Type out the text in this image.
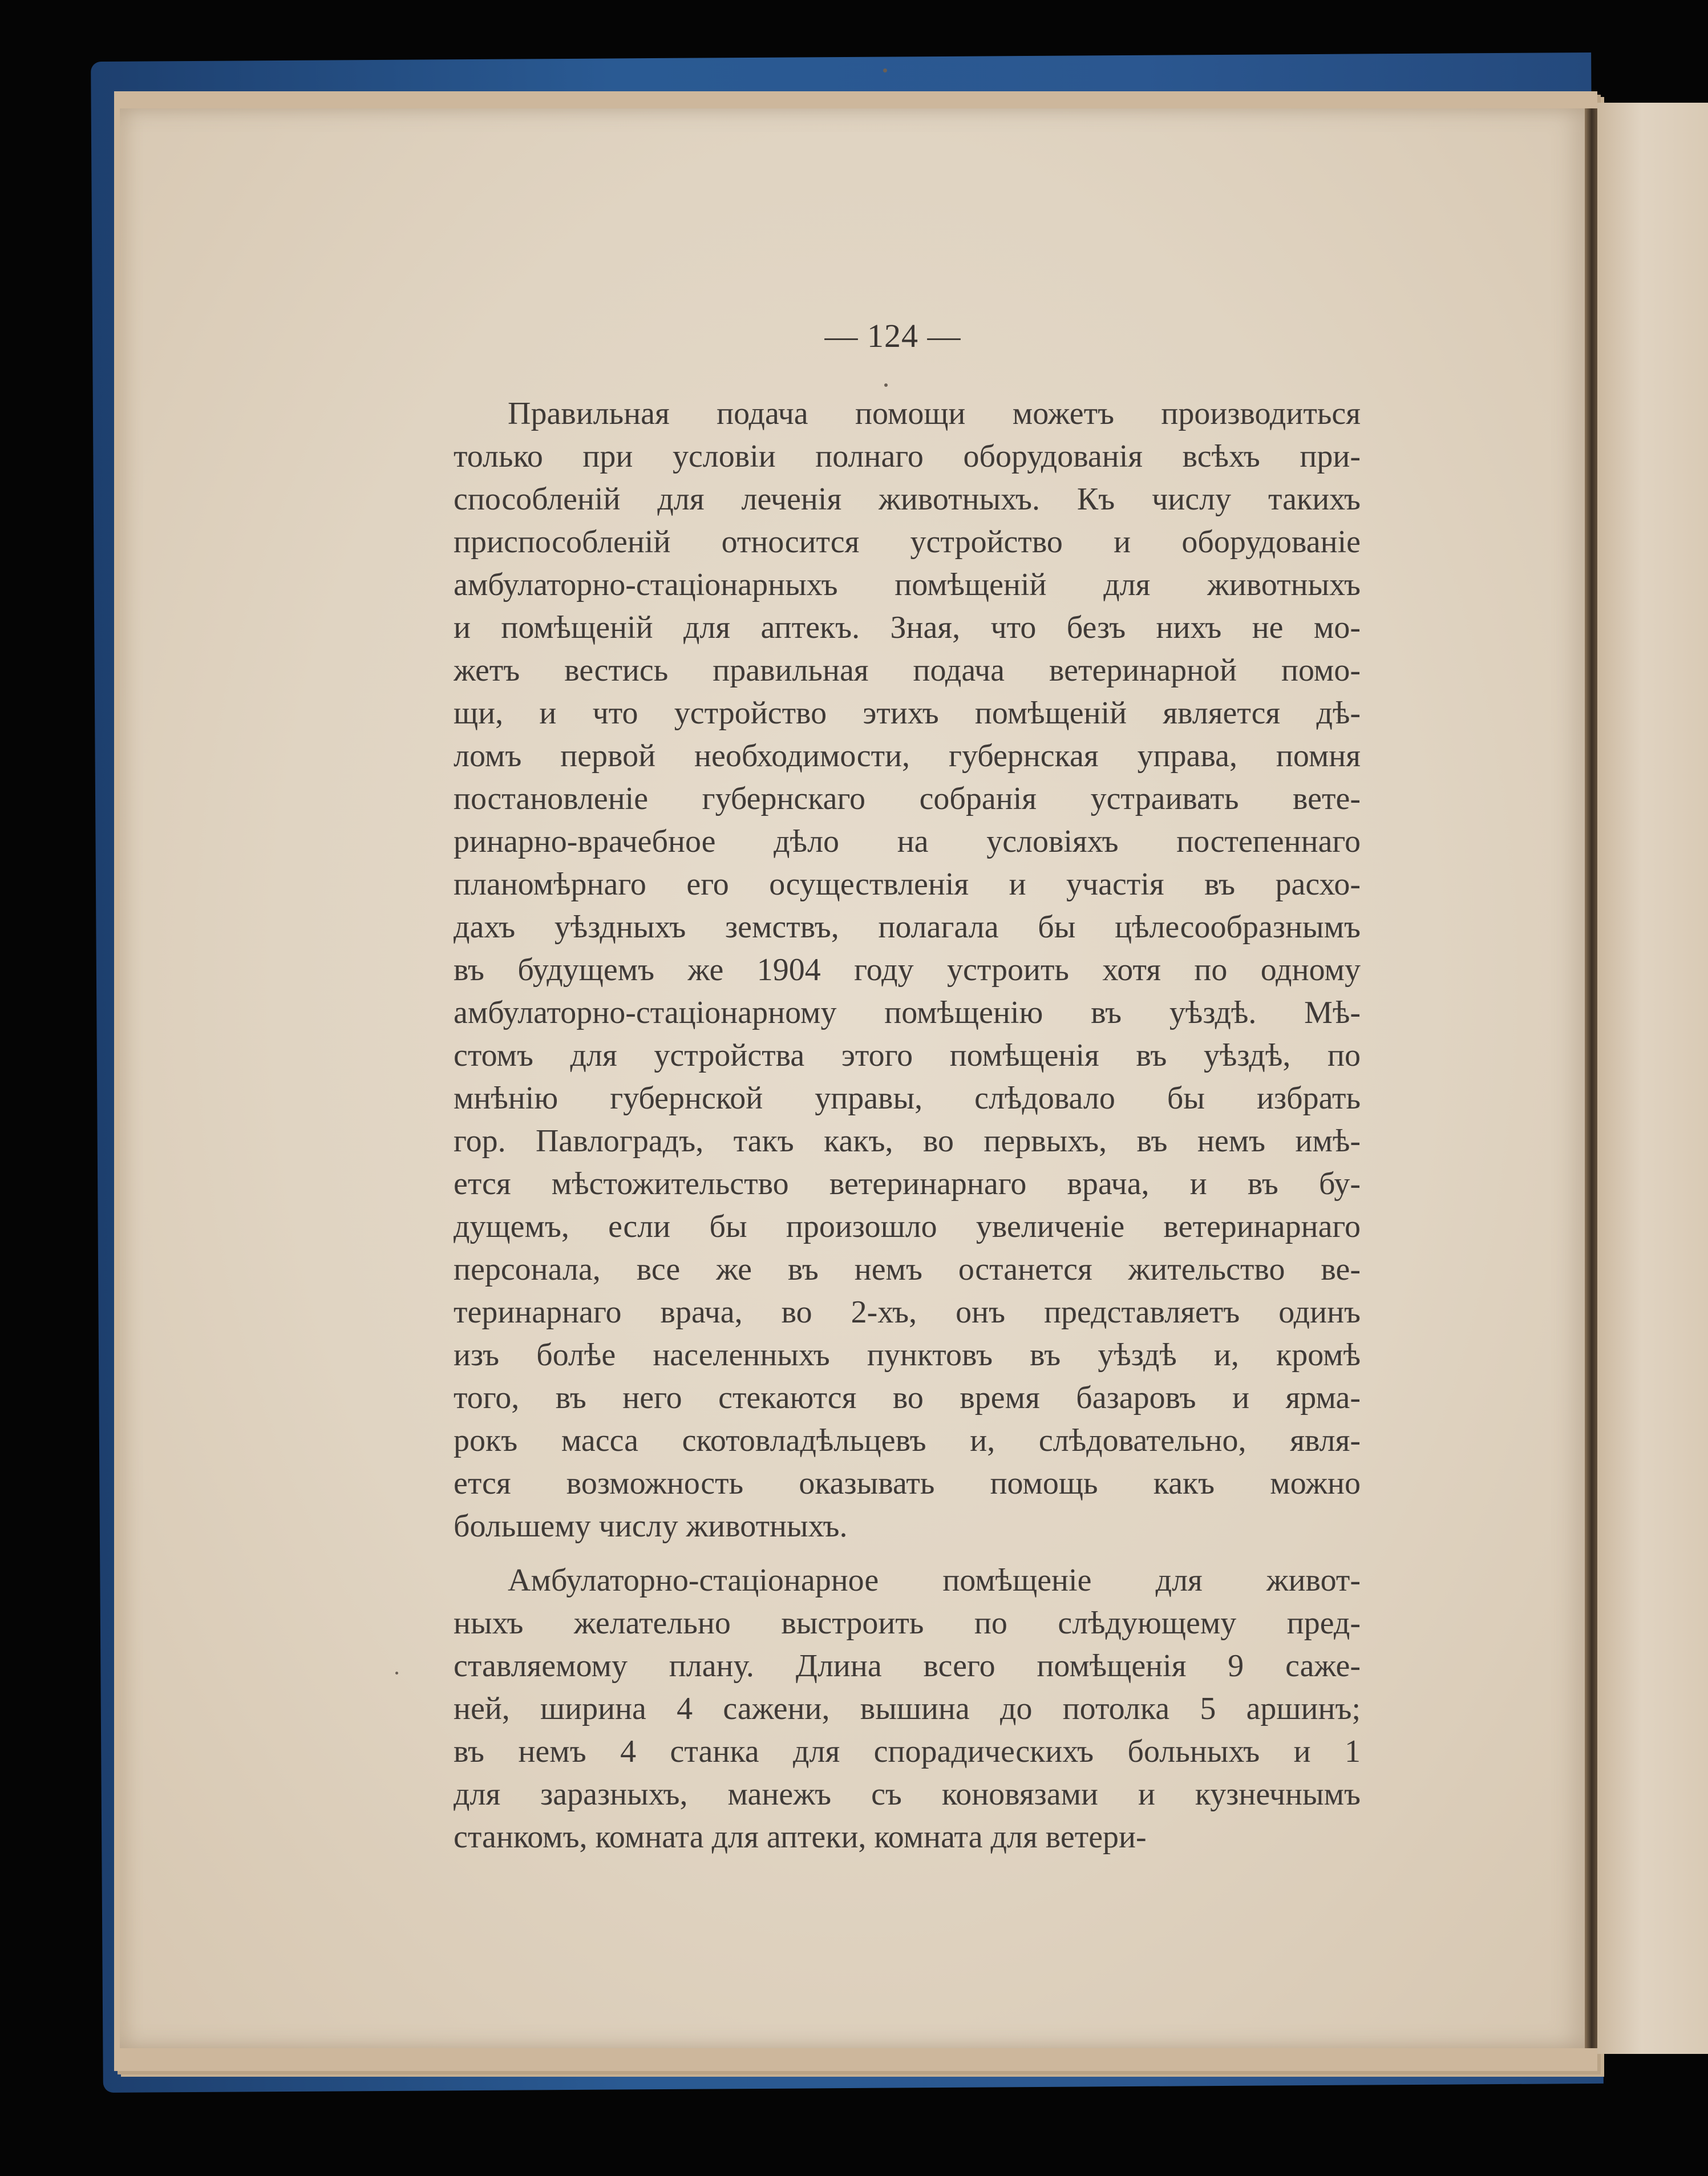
— 124 —
Правильная подача помощи можетъ производиться
только при условіи полнаго оборудованія всѣхъ при-
способленій для леченія животныхъ. Къ числу такихъ
приспособленій относится устройство и оборудованіе
амбулаторно-стаціонарныхъ помѣщеній для животныхъ
и помѣщеній для аптекъ. Зная, что безъ нихъ не мо-
жетъ вестись правильная подача ветеринарной помо-
щи, и что устройство этихъ помѣщеній является дѣ-
ломъ первой необходимости, губернская управа, помня
постановленіе губернскаго собранія устраивать вете-
ринарно-врачебное дѣло на условіяхъ постепеннаго
планомѣрнаго его осуществленія и участія въ расхо-
дахъ уѣздныхъ земствъ, полагала бы цѣлесообразнымъ
въ будущемъ же 1904 году устроить хотя по одному
амбулаторно-стаціонарному помѣщенію въ уѣздѣ. Мѣ-
стомъ для устройства этого помѣщенія въ уѣздѣ, по
мнѣнію губернской управы, слѣдовало бы избрать
гор. Павлоградъ, такъ какъ, во первыхъ, въ немъ имѣ-
ется мѣстожительство ветеринарнаго врача, и въ бу-
дущемъ, если бы произошло увеличеніе ветеринарнаго
персонала, все же въ немъ останется жительство ве-
теринарнаго врача, во 2-хъ, онъ представляетъ одинъ
изъ болѣе населенныхъ пунктовъ въ уѣздѣ и, кромѣ
того, въ него стекаются во время базаровъ и ярма-
рокъ масса скотовладѣльцевъ и, слѣдовательно, явля-
ется возможность оказывать помощь какъ можно
большему числу животныхъ.
Амбулаторно-стаціонарное помѣщеніе для живот-
ныхъ желательно выстроить по слѣдующему пред-
ставляемому плану. Длина всего помѣщенія 9 саже-
ней, ширина 4 сажени, вышина до потолка 5 аршинъ;
въ немъ 4 станка для спорадическихъ больныхъ и 1
для заразныхъ, манежъ съ коновязами и кузнечнымъ
станкомъ, комната для аптеки, комната для ветери-
